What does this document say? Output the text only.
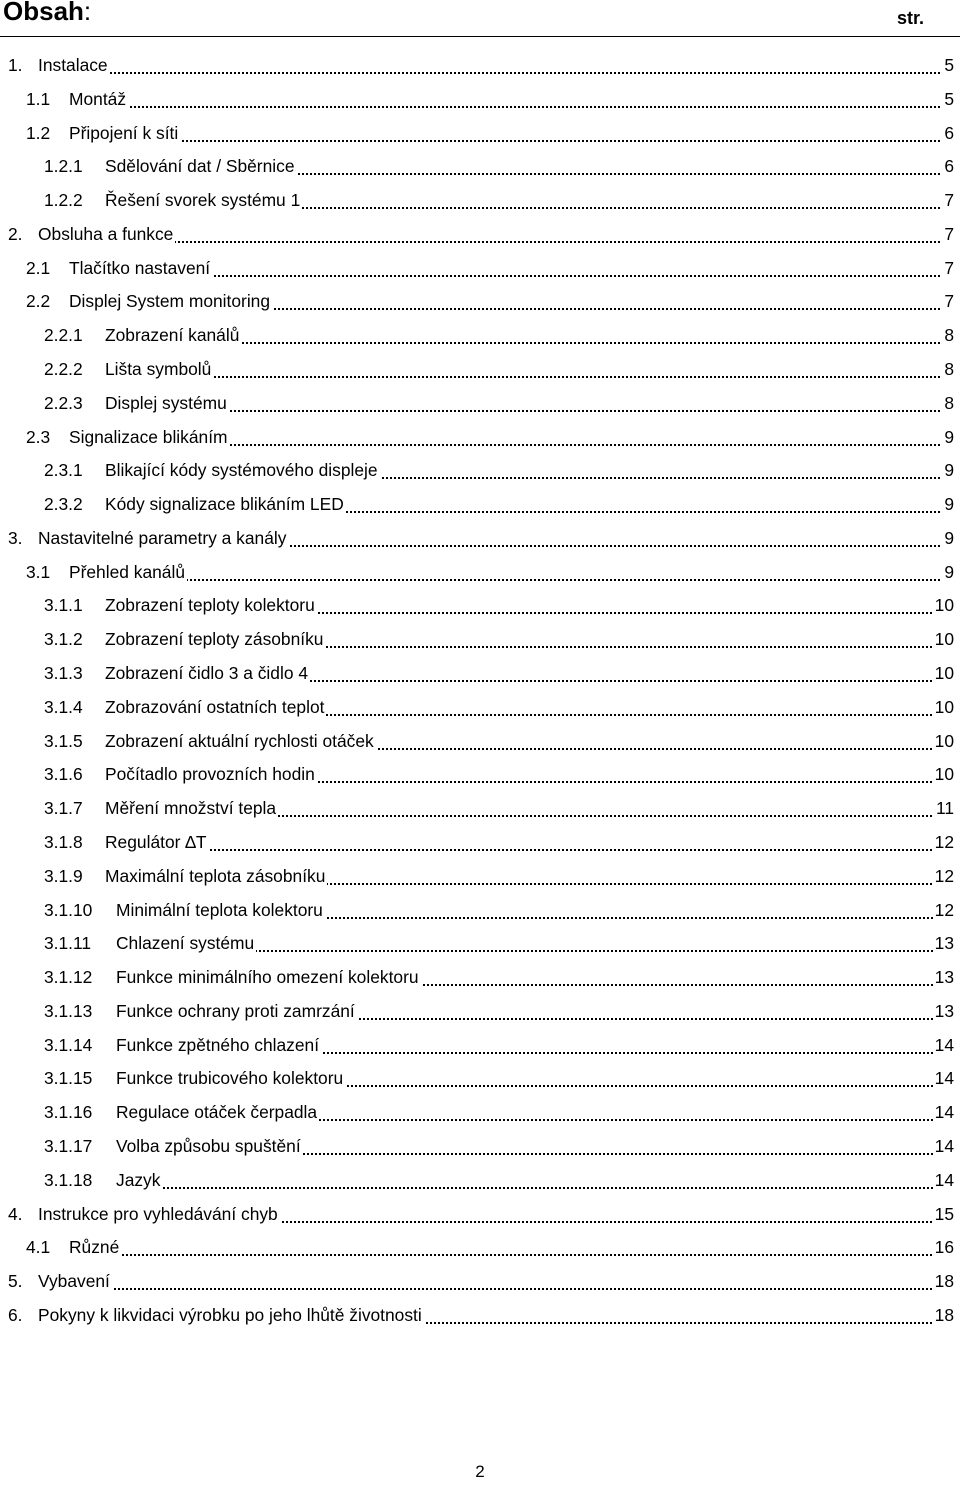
Obsah:	str.
1. Instalace	5
1.1 Montáž	5
1.2 Připojení k síti	6
1.2.1 Sdělování dat / Sběrnice	6
1.2.2 Řešení svorek systému 1	7
2. Obsluha a funkce	7
2.1 Tlačítko nastavení	7
2.2 Displej System monitoring	7
2.2.1 Zobrazení kanálů	8
2.2.2 Lišta symbolů	8
2.2.3 Displej systému	8
2.3 Signalizace blikáním	9
2.3.1 Blikající kódy systémového displeje	9
2.3.2 Kódy signalizace blikáním LED	9
3. Nastavitelné parametry a kanály	9
3.1 Přehled kanálů	9
3.1.1 Zobrazení teploty kolektoru	10
3.1.2 Zobrazení teploty zásobníku	10
3.1.3 Zobrazení čidlo 3 a čidlo 4	10
3.1.4 Zobrazování ostatních teplot	10
3.1.5 Zobrazení aktuální rychlosti otáček	10
3.1.6 Počítadlo provozních hodin	10
3.1.7 Měření množství tepla	11
3.1.8 Regulátor ∆T	12
3.1.9 Maximální teplota zásobníku	12
3.1.10 Minimální teplota kolektoru	12
3.1.11 Chlazení systému	13
3.1.12 Funkce minimálního omezení kolektoru	13
3.1.13 Funkce ochrany proti zamrzání	13
3.1.14 Funkce zpětného chlazení	14
3.1.15 Funkce trubicového kolektoru	14
3.1.16 Regulace otáček čerpadla	14
3.1.17 Volba způsobu spuštění	14
3.1.18 Jazyk	14
4. Instrukce pro vyhledávání chyb	15
4.1 Různé	16
5. Vybavení	18
6. Pokyny k likvidaci výrobku po jeho lhůtě životnosti	18
2
